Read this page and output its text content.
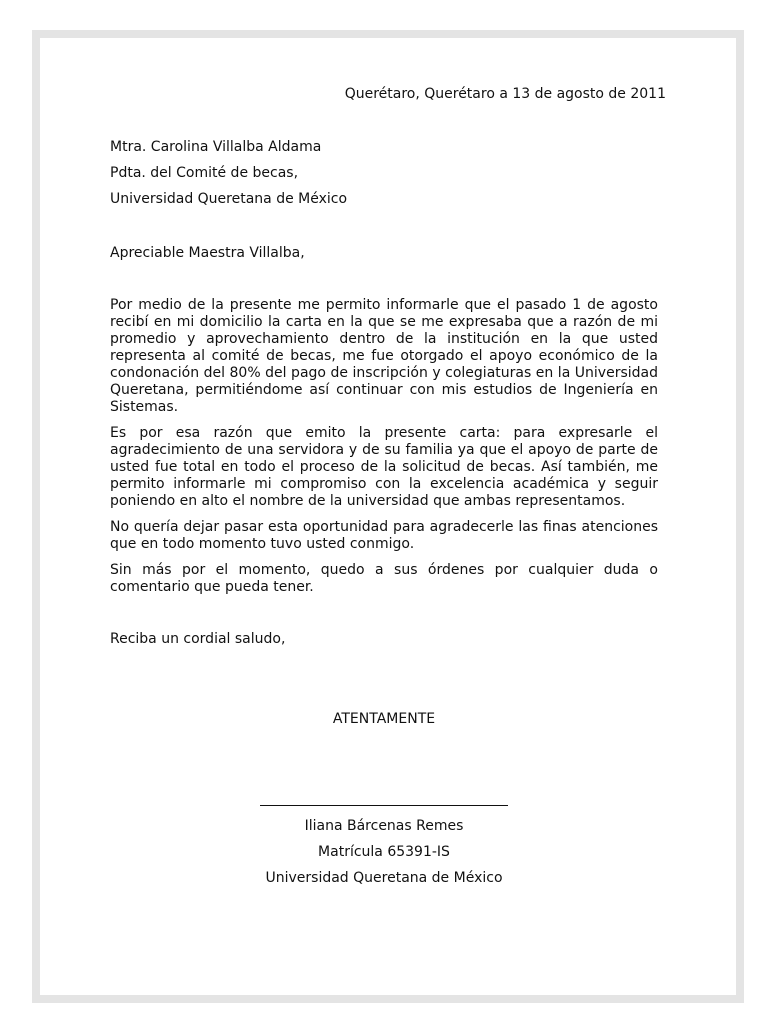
Querétaro, Querétaro a 13 de agosto de 2011
Mtra. Carolina Villalba Aldama
Pdta. del Comité de becas,
Universidad Queretana de México
Apreciable Maestra Villalba,

Por medio de la presente me permito informarle que el pasado 1 de agosto recibí en mi domicilio la carta en la que se me expresaba que a razón de mi promedio y aprovechamiento dentro de la institución en la que usted representa al comité de becas, me fue otorgado el apoyo económico de la condonación del 80% del pago de inscripción y colegiaturas en la Universidad Queretana, permitiéndome así continuar con mis estudios de Ingeniería en Sistemas.

Es por esa razón que emito la presente carta: para expresarle el agradecimiento de una servidora y de su familia ya que el apoyo de parte de usted fue total en todo el proceso de la solicitud de becas. Así también, me permito informarle mi compromiso con la excelencia académica y seguir poniendo en alto el nombre de la universidad que ambas representamos.

No quería dejar pasar esta oportunidad para agradecerle las finas atenciones que en todo momento tuvo usted conmigo.

Sin más por el momento, quedo a sus órdenes por cualquier duda o comentario que pueda tener.

Reciba un cordial saludo,
ATENTAMENTE
Iliana Bárcenas Remes
Matrícula 65391-IS
Universidad Queretana de México
